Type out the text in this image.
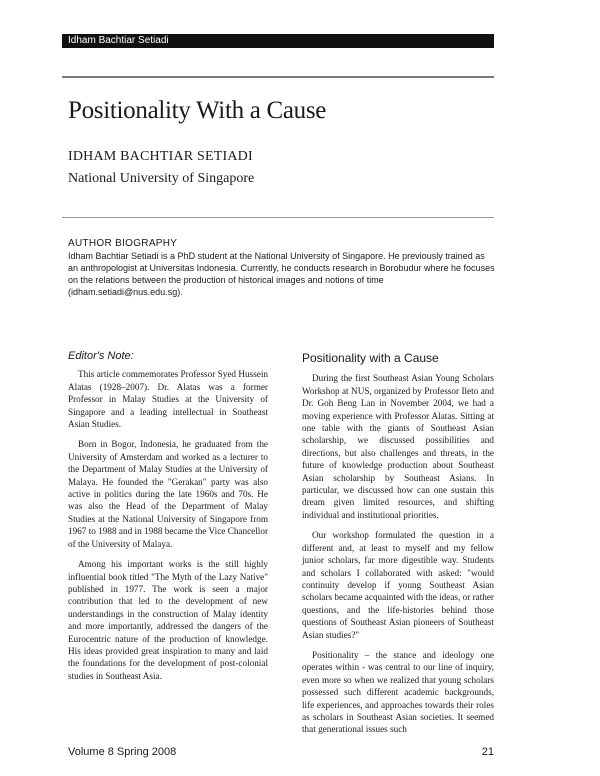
Idham Bachtiar Setiadi
Positionality With a Cause
IDHAM BACHTIAR SETIADI
National University of Singapore
AUTHOR BIOGRAPHY
Idham Bachtiar Setiadi is a PhD student at the National University of Singapore. He previously trained as an anthropologist at Universitas Indonesia. Currently, he conducts research in Borobudur where he focuses on the relations between the production of historical images and notions of time (idham.setiadi@nus.edu.sg).
Editor's Note:

This article commemorates Professor Syed Hussein Alatas (1928–2007). Dr. Alatas was a former Professor in Malay Studies at the University of Singapore and a leading intellectual in Southeast Asian Studies.

Born in Bogor, Indonesia, he graduated from the University of Amsterdam and worked as a lecturer to the Department of Malay Studies at the University of Malaya. He founded the "Gerakan" party was also active in politics during the late 1960s and 70s. He was also the Head of the Department of Malay Studies at the National University of Singapore from 1967 to 1988 and in 1988 became the Vice Chancellor of the University of Malaya.

Among his important works is the still highly influential book titled "The Myth of the Lazy Native" published in 1977. The work is seen a major contribution that led to the development of new understandings in the construction of Malay identity and more importantly, addressed the dangers of the Eurocentric nature of the production of knowledge. His ideas provided great inspiration to many and laid the foundations for the development of post-colonial studies in Southeast Asia.

Positionality with a Cause

During the first Southeast Asian Young Scholars Workshop at NUS, organized by Professor Ileto and Dr. Goh Beng Lan in November 2004, we had a moving experience with Professor Alatas. Sitting at one table with the giants of Southeast Asian scholarship, we discussed possibilities and directions, but also challenges and threats, in the future of knowledge production about Southeast Asian scholarship by Southeast Asians. In particular, we discussed how can one sustain this dream given limited resources, and shifting individual and institutional priorities.

Our workshop formulated the question in a different and, at least to myself and my fellow junior scholars, far more digestible way. Students and scholars I collaborated with asked: "would continuity develop if young Southeast Asian scholars became acquainted with the ideas, or rather questions, and the life-histories behind those questions of Southeast Asian pioneers of Southeast Asian studies?"

Positionality – the stance and ideology one operates within - was central to our line of inquiry, even more so when we realized that young scholars possessed such different academic backgrounds, life experiences, and approaches towards their roles as scholars in Southeast Asian societies. It seemed that generational issues such

Volume 8 Spring 2008	21
